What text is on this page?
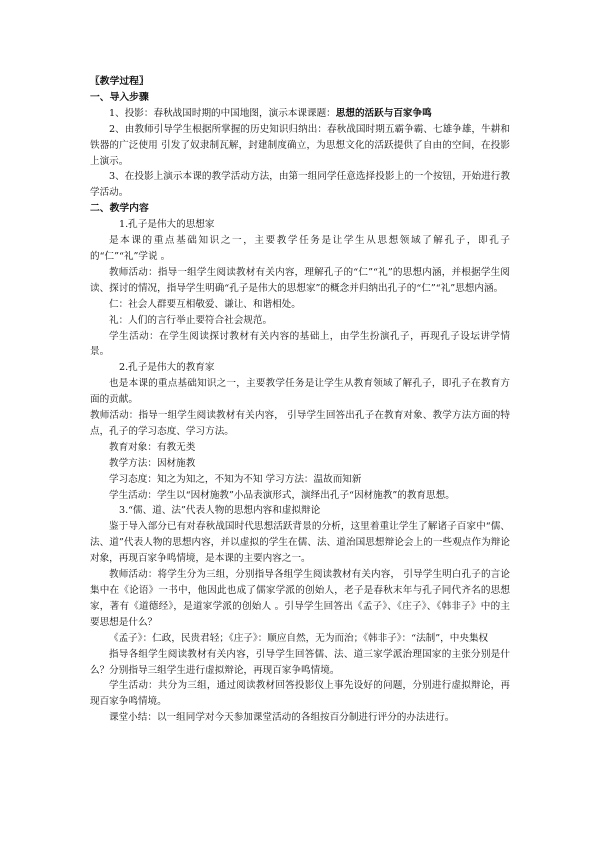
〖教学过程〗

一、导入步骤

1、投影：春秋战国时期的中国地图，演示本课课题：思想的活跃与百家争鸣

2、由教师引导学生根据所掌握的历史知识归纳出：春秋战国时期五霸争霸、七雄争雄，牛耕和铁器的广泛使用 引发了奴隶制瓦解，封建制度确立，为思想文化的活跃提供了自由的空间，在投影上演示。

3、在投影上演示本课的教学活动方法，由第一组同学任意选择投影上的一个按钮，开始进行教学活动。

二、教学内容

1.孔子是伟大的思想家

是本课的重点基础知识之一，主要教学任务是让学生从思想领域了解孔子，即孔子的“仁”“礼”学说 。

教师活动：指导一组学生阅读教材有关内容，理解孔子的“仁”“礼”的思想内涵，并根据学生阅读、探讨的情况，指导学生明确“孔子是伟大的思想家”的概念并归纳出孔子的“仁”“礼”思想内涵。

仁：社会人群要互相敬爱、谦让、和谐相处。

礼：人们的言行举止要符合社会规范。

学生活动：在学生阅读探讨教材有关内容的基础上，由学生扮演孔子，再现孔子设坛讲学情景。

2.孔子是伟大的教育家

也是本课的重点基础知识之一，主要教学任务是让学生从教育领域了解孔子，即孔子在教育方面的贡献。

教师活动：指导一组学生阅读教材有关内容， 引导学生回答出孔子在教育对象、教学方法方面的特点，孔子的学习态度、学习方法。

教育对象：有教无类

教学方法：因材施教

学习态度：知之为知之，不知为不知 学习方法：温故而知新

学生活动：学生以“因材施教”小品表演形式，演绎出孔子“因材施教”的教育思想。

3.“儒、道、法”代表人物的思想内容和虚拟辩论

鉴于导入部分已有对春秋战国时代思想活跃背景的分析，这里着重让学生了解诸子百家中“儒、法、道”代表人物的思想内容，并以虚拟的学生在儒、法、道治国思想辩论会上的一些观点作为辩论对象，再现百家争鸣情境，是本课的主要内容之一。

教师活动：将学生分为三组，分别指导各组学生阅读教材有关内容， 引导学生明白孔子的言论集中在《论语》一书中，他因此也成了儒家学派的创始人，老子是春秋末年与孔子同代齐名的思想家，著有《道德经》，是道家学派的创始人 。引导学生回答出《孟子》、《庄子》、《韩非子》中的主要思想是什么？

《孟子》：仁政，民贵君轻；《庄子》：顺应自然，无为而治；《韩非子》：“法制”，中央集权

指导各组学生阅读教材有关内容，引导学生回答儒、法、道三家学派治理国家的主张分别是什么？分别指导三组学生进行虚拟辩论，再现百家争鸣情境。

学生活动：共分为三组，通过阅读教材回答投影仪上事先设好的问题，分别进行虚拟辩论，再现百家争鸣情境。

课堂小结：以一组同学对今天参加课堂活动的各组按百分制进行评分的办法进行。
